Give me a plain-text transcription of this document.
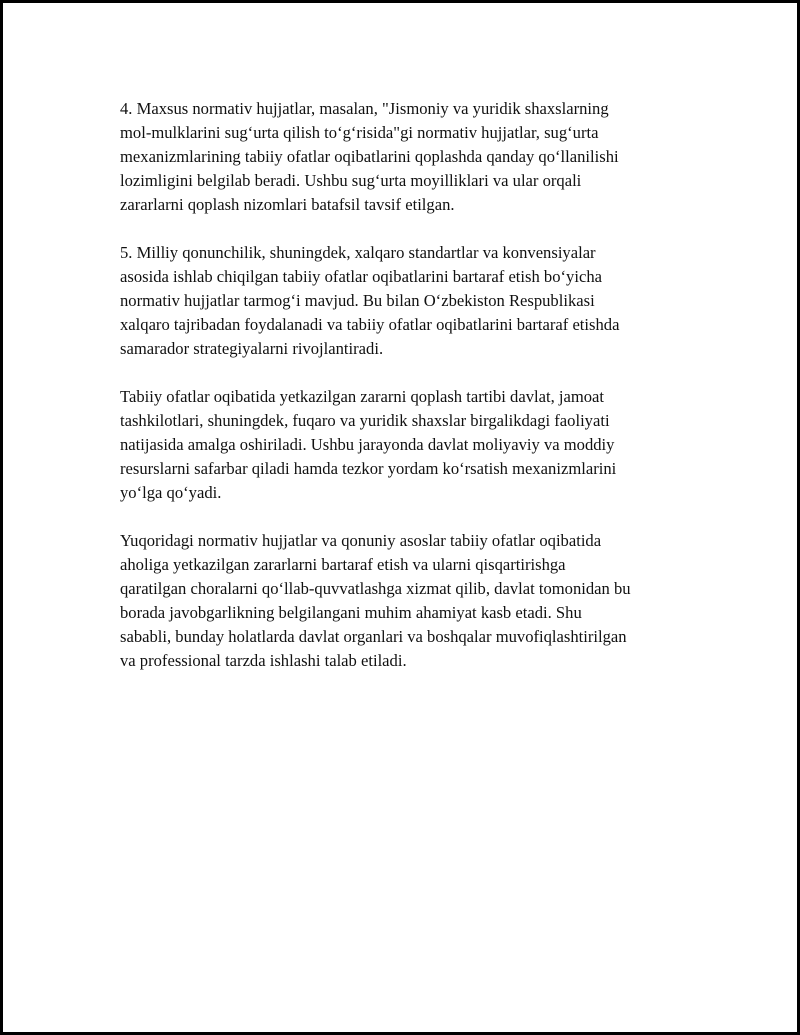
4. Maxsus normativ hujjatlar, masalan, "Jismoniy va yuridik shaxslarning
mol-mulklarini sug‘urta qilish to‘g‘risida"gi normativ hujjatlar, sug‘urta
mexanizmlarining tabiiy ofatlar oqibatlarini qoplashda qanday qo‘llanilishi
lozimligini belgilab beradi. Ushbu sug‘urta moyilliklari va ular orqali
zararlarni qoplash nizomlari batafsil tavsif etilgan.

5. Milliy qonunchilik, shuningdek, xalqaro standartlar va konvensiyalar
asosida ishlab chiqilgan tabiiy ofatlar oqibatlarini bartaraf etish bo‘yicha
normativ hujjatlar tarmog‘i mavjud. Bu bilan O‘zbekiston Respublikasi
xalqaro tajribadan foydalanadi va tabiiy ofatlar oqibatlarini bartaraf etishda
samarador strategiyalarni rivojlantiradi.

Tabiiy ofatlar oqibatida yetkazilgan zararni qoplash tartibi davlat, jamoat
tashkilotlari, shuningdek, fuqaro va yuridik shaxslar birgalikdagi faoliyati
natijasida amalga oshiriladi. Ushbu jarayonda davlat moliyaviy va moddiy
resurslarni safarbar qiladi hamda tezkor yordam ko‘rsatish mexanizmlarini
yo‘lga qo‘yadi.

Yuqoridagi normativ hujjatlar va qonuniy asoslar tabiiy ofatlar oqibatida
aholiga yetkazilgan zararlarni bartaraf etish va ularni qisqartirishga
qaratilgan choralarni qo‘llab-quvvatlashga xizmat qilib, davlat tomonidan bu
borada javobgarlikning belgilangani muhim ahamiyat kasb etadi. Shu
sababli, bunday holatlarda davlat organlari va boshqalar muvofiqlashtirilgan
va professional tarzda ishlashi talab etiladi.
